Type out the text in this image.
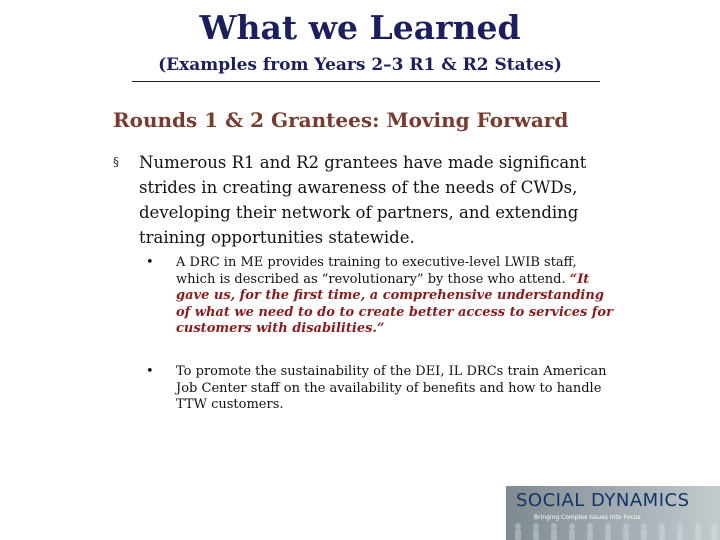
What we Learned
(Examples from Years 2–3 R1 & R2 States)
Rounds 1 & 2 Grantees: Moving Forward
§ Numerous R1 and R2 grantees have made significant strides in creating awareness of the needs of CWDs, developing their network of partners, and extending training opportunities statewide.
• A DRC in ME provides training to executive-level LWIB staff, which is described as “revolutionary” by those who attend. “It gave us, for the first time, a comprehensive understanding of what we need to do to create better access to services for customers with disabilities.”
• To promote the sustainability of the DEI, IL DRCs train American Job Center staff on the availability of benefits and how to handle TTW customers.
SOCIAL DYNAMICS
Bringing Complex Issues Into Focus
